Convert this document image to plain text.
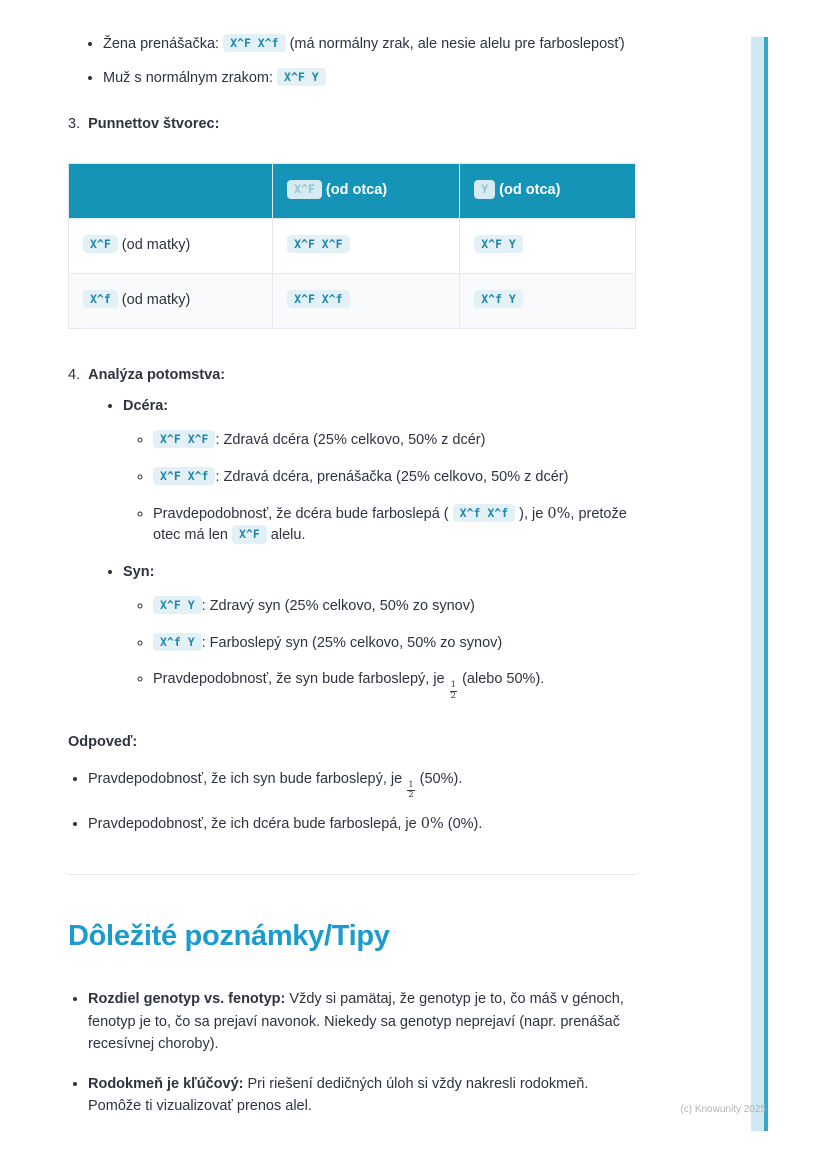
• Žena prenášačka: X^F X^f (má normálny zrak, ale nesie alelu pre farbosleposť)
• Muž s normálnym zrakom: X^F Y
3. Punnettov štvorec:
	X^F (od otca)	Y (od otca)
X^F (od matky)	X^F X^F	X^F Y
X^f (od matky)	X^F X^f	X^f Y
4. Analýza potomstva:
• Dcéra:
◦ X^F X^F : Zdravá dcéra (25% celkovo, 50% z dcér)
◦ X^F X^f : Zdravá dcéra, prenášačka (25% celkovo, 50% z dcér)
◦ Pravdepodobnosť, že dcéra bude farboslepá ( X^f X^f ), je 0%, pretože otec má len X^F alelu.
• Syn:
◦ X^F Y : Zdravý syn (25% celkovo, 50% zo synov)
◦ X^f Y : Farboslepý syn (25% celkovo, 50% zo synov)
◦ Pravdepodobnosť, že syn bude farboslepý, je
$\frac{1}{2}$
(alebo 50%).

Odpoveď:

• Pravdepodobnosť, že ich syn bude farboslepý, je
$\frac{1}{2}$
(50%).
• Pravdepodobnosť, že ich dcéra bude farboslepá, je 0% (0%).
Dôležité poznámky/Tipy
• Rozdiel genotyp vs. fenotyp: Vždy si pamätaj, že genotyp je to, čo máš v génoch, fenotyp je to, čo sa prejaví navonok. Niekedy sa genotyp neprejaví (napr. prenášač recesívnej choroby).
• Rodokmeň je kľúčový: Pri riešení dedičných úloh si vždy nakresli rodokmeň. Pomôže ti vizualizovať prenos alel.	(c) Knowunity 2025
